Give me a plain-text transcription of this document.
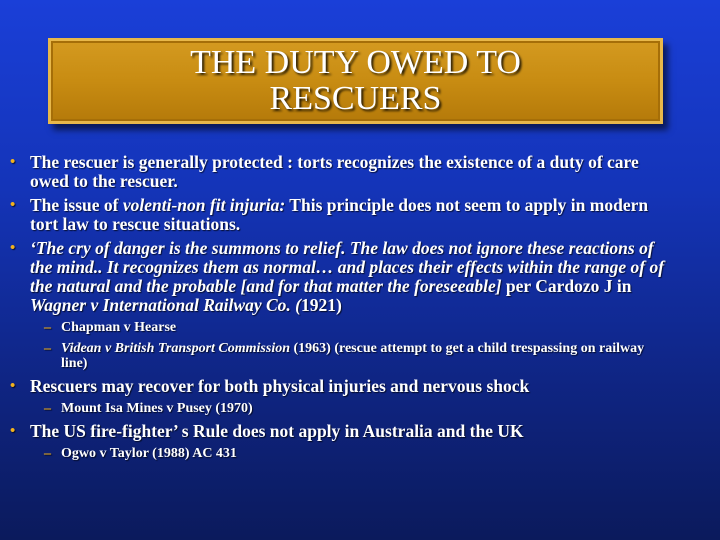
THE DUTY OWED TO RESCUERS
• The rescuer is generally protected : torts recognizes the existence of a duty of care owed to the rescuer.
• The issue of volenti-non fit injuria: This principle does not seem to apply in modern tort law to rescue situations.
• ‘The cry of danger is the summons to relief. The law does not ignore these reactions of the mind.. It recognizes them as normal… and places their effects within the range of of the natural and the probable [and for that matter the foreseeable] per Cardozo J in Wagner v International Railway Co. (1921)
– Chapman v Hearse
– Videan v British Transport Commission (1963) (rescue attempt to get a child trespassing on railway line)
• Rescuers may recover for both physical injuries and nervous shock
– Mount Isa Mines v Pusey (1970)
• The US fire-fighter’ s Rule does not apply in Australia and the UK
– Ogwo v Taylor (1988) AC 431
